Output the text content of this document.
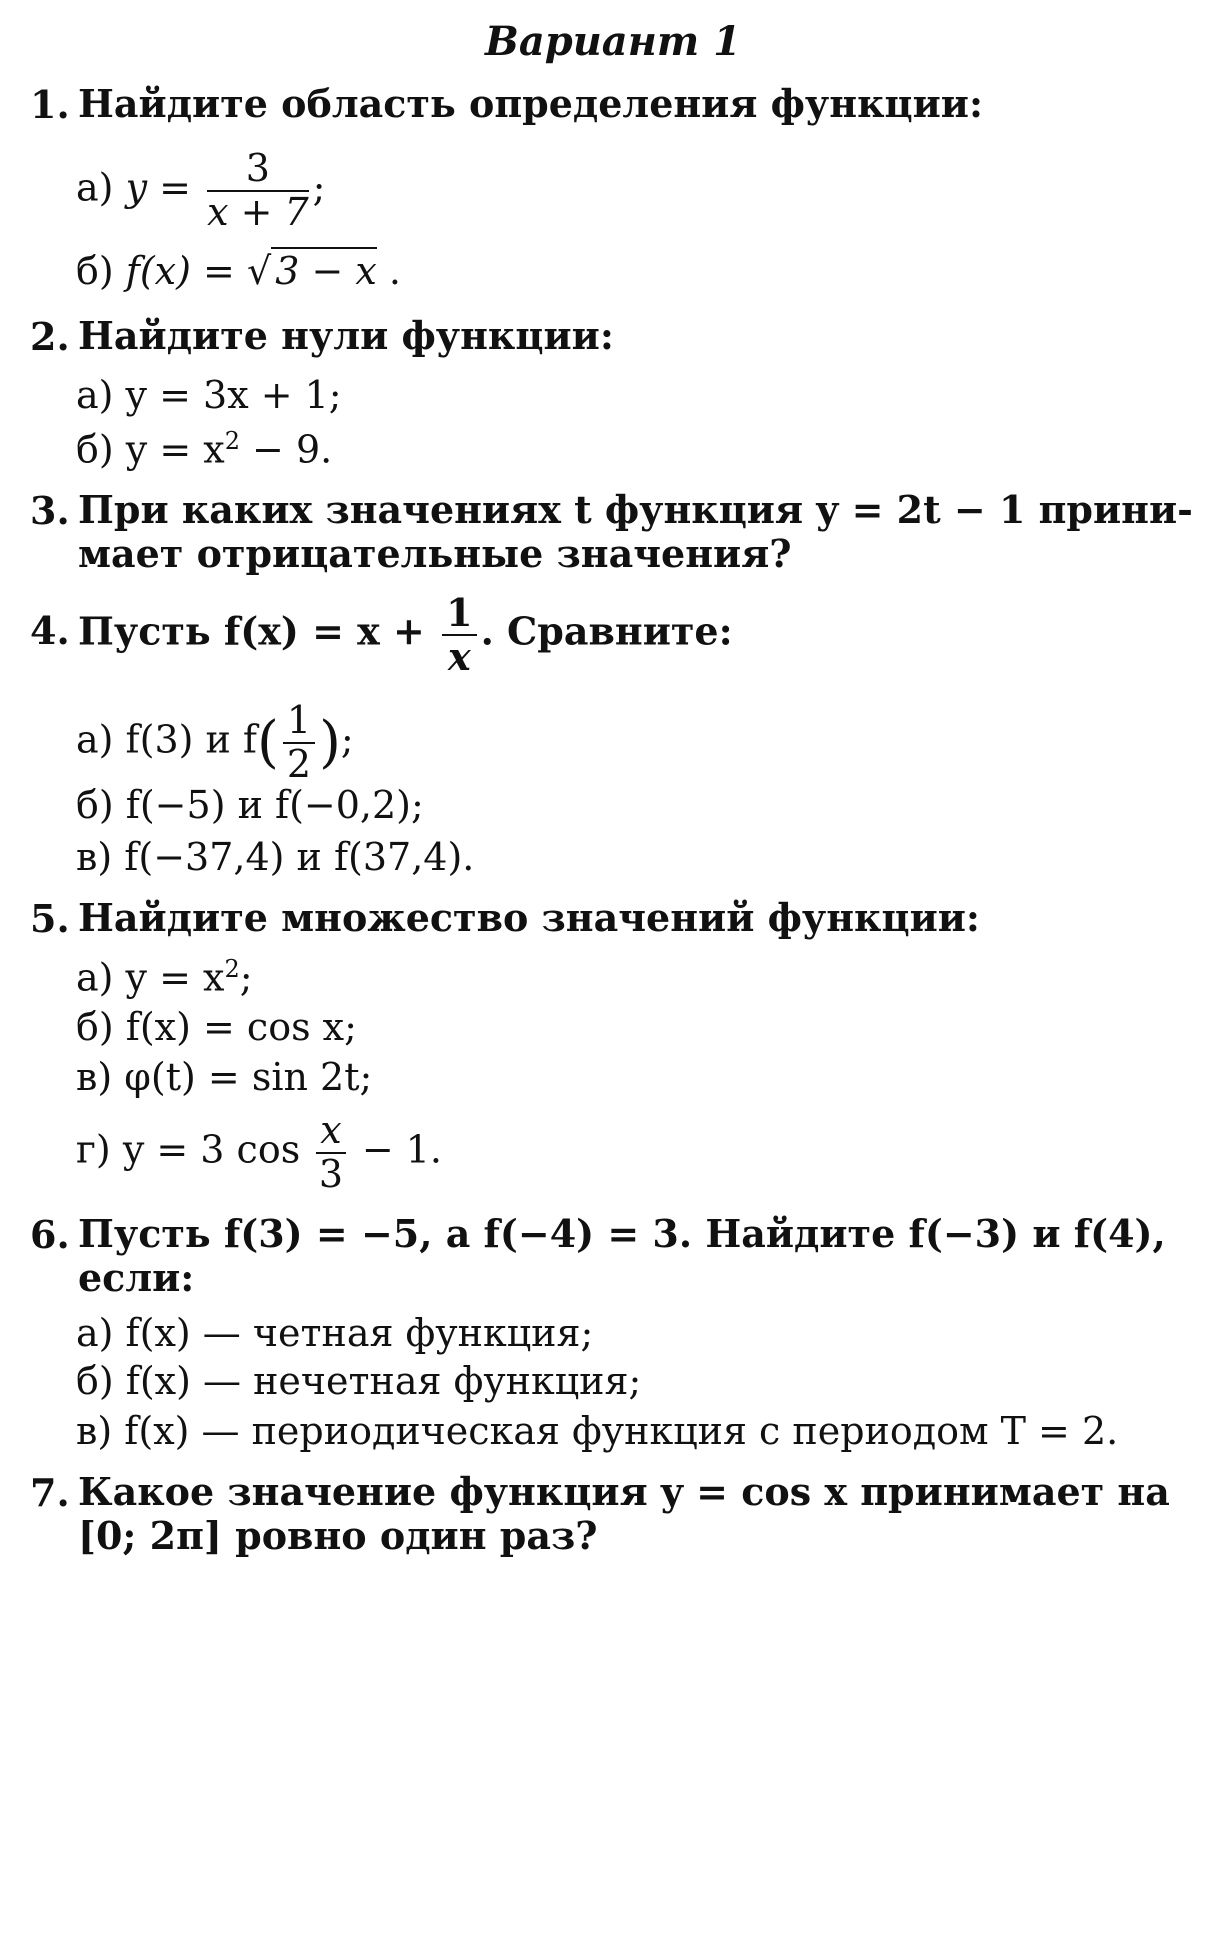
Вариант 1
1. Найдите область определения функции:
а) $y = \frac{3}{x + 7}$ ;
б) f(x) = √ 3 − x .
2. Найдите нули функции:
а) y = 3x + 1;
б) $y = x^2 - 9$.
3. При каких значениях t функция y = 2t − 1 прини-
мает отрицательные значения?
4. Пусть $f(x) = x + \frac{1}{x}$ . Сравните:
а) f(3) и $f( \frac{1}{2}$ );
б) f(−5) и f(−0,2);
в) f(−37,4) и f(37,4).
5. Найдите множество значений функции:
а) $y = x^2$;
б) f(x) = cos x;
в) φ(t) = sin 2t;
г) y = 3 $\cos \frac{x}{3} - 1$.
6. Пусть f(3) = −5, а f(−4) = 3. Найдите f(−3) и f(4),
если:
а) f(x) — четная функция;
б) f(x) — нечетная функция;
в) f(x) — периодическая функция с периодом T = 2.
7. Какое значение функция y = cos x принимает на
[0; 2π] ровно один раз?
